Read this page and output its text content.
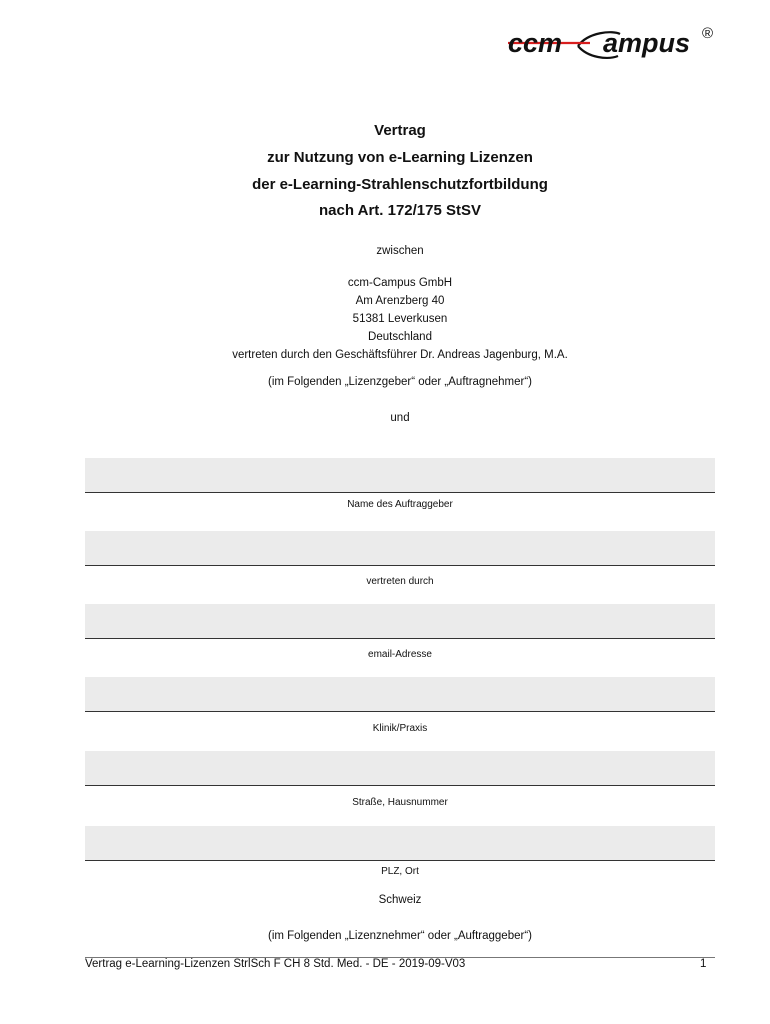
ccm ampus ®
Vertrag
zur Nutzung von e-Learning Lizenzen
der e-Learning-Strahlenschutzfortbildung
nach Art. 172/175 StSV
zwischen
ccm-Campus GmbH
Am Arenzberg 40
51381 Leverkusen
Deutschland
vertreten durch den Geschäftsführer Dr. Andreas Jagenburg, M.A.
(im Folgenden „Lizenzgeber“ oder „Auftragnehmer“)
und
Name des Auftraggeber
vertreten durch
email-Adresse
Klinik/Praxis
Straße, Hausnummer
PLZ, Ort
Schweiz
(im Folgenden „Lizenznehmer“ oder „Auftraggeber“)
Vertrag e-Learning-Lizenzen StrlSch F CH 8 Std. Med. - DE - 2019-09-V03	1
